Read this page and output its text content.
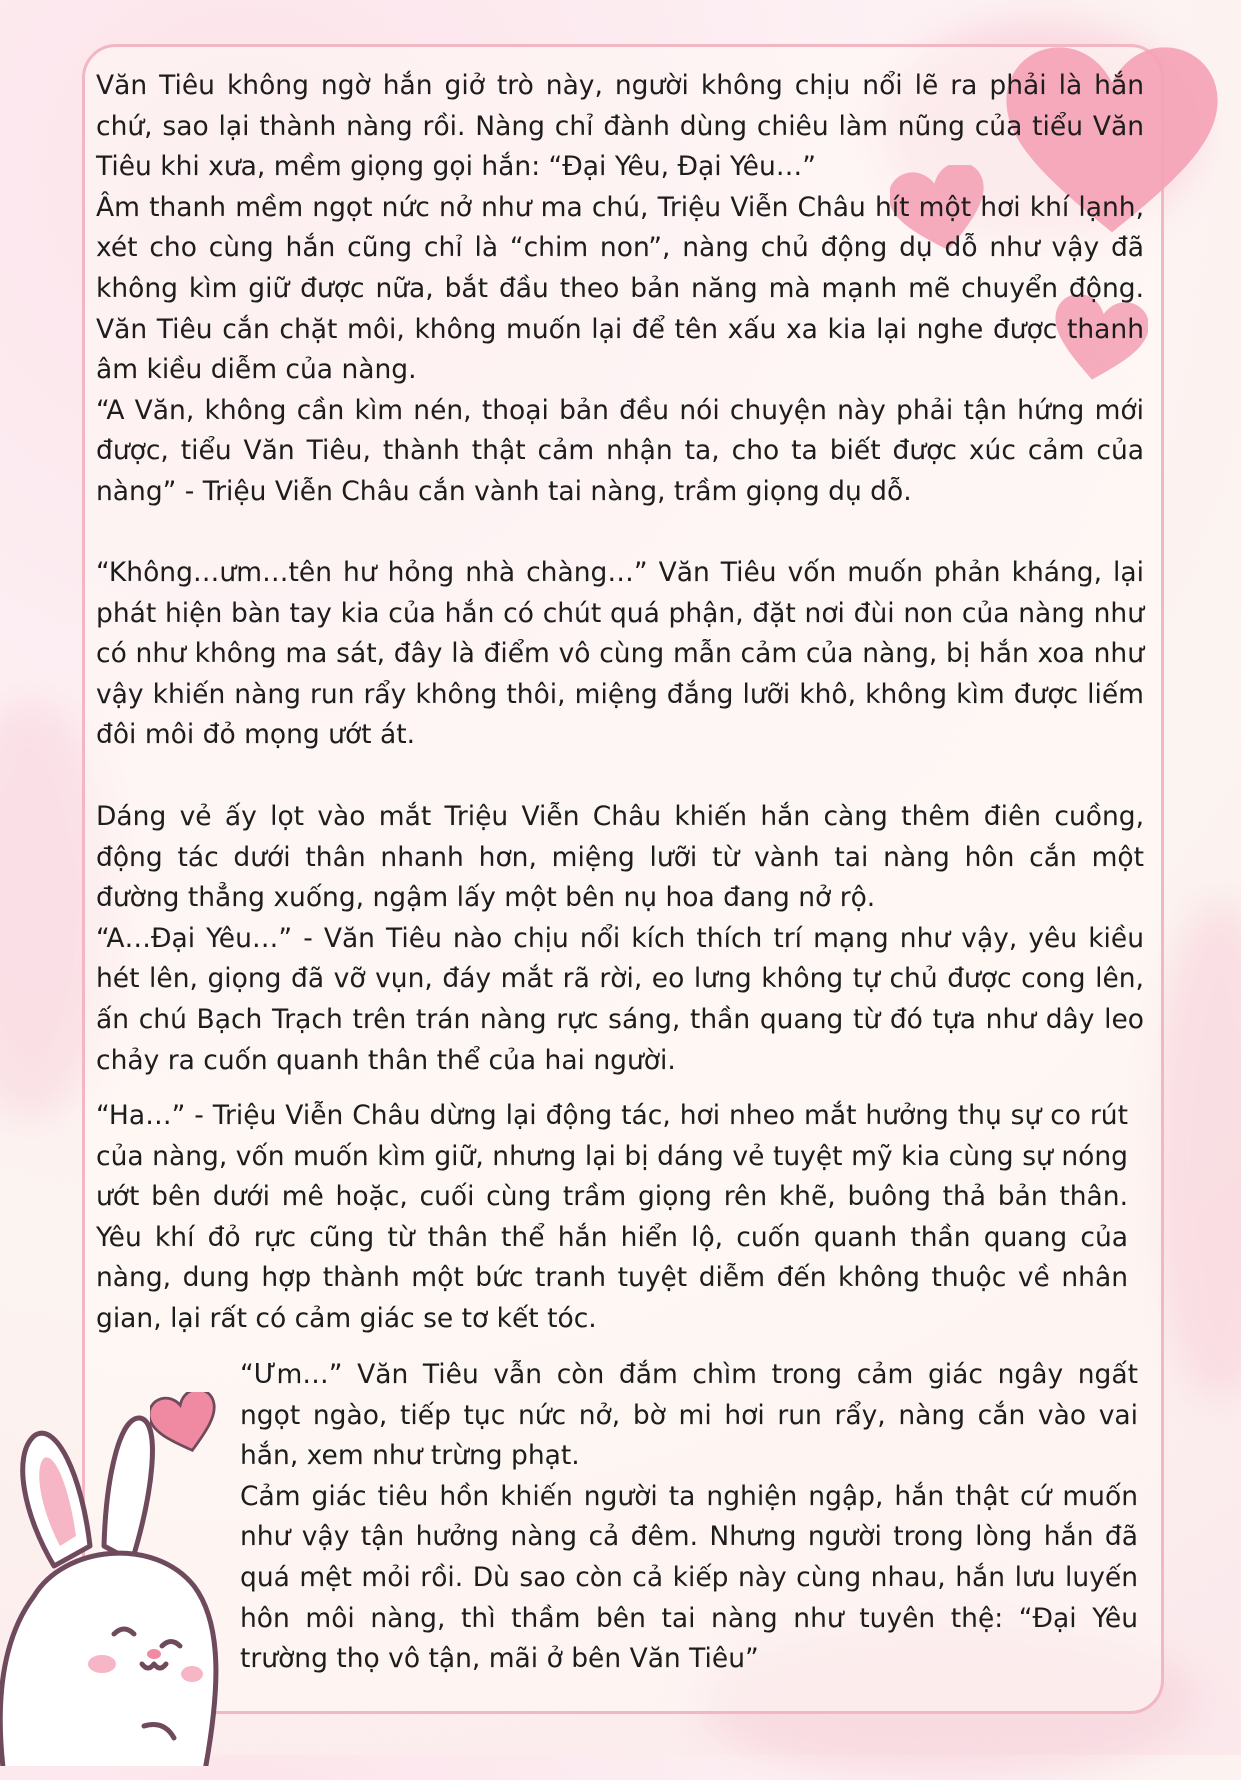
Văn Tiêu không ngờ hắn giở trò này, người không chịu nổi lẽ ra phải là hắn chứ, sao lại thành nàng rồi. Nàng chỉ đành dùng chiêu làm nũng của tiểu Văn Tiêu khi xưa, mềm giọng gọi hắn: “Đại Yêu, Đại Yêu…”

Âm thanh mềm ngọt nức nở như ma chú, Triệu Viễn Châu hít một hơi khí lạnh, xét cho cùng hắn cũng chỉ là “chim non”, nàng chủ động dụ dỗ như vậy đã không kìm giữ được nữa, bắt đầu theo bản năng mà mạnh mẽ chuyển động. Văn Tiêu cắn chặt môi, không muốn lại để tên xấu xa kia lại nghe được thanh âm kiều diễm của nàng.

“A Văn, không cần kìm nén, thoại bản đều nói chuyện này phải tận hứng mới được, tiểu Văn Tiêu, thành thật cảm nhận ta, cho ta biết được xúc cảm của nàng” - Triệu Viễn Châu cắn vành tai nàng, trầm giọng dụ dỗ.

“Không…ưm…tên hư hỏng nhà chàng…” Văn Tiêu vốn muốn phản kháng, lại phát hiện bàn tay kia của hắn có chút quá phận, đặt nơi đùi non của nàng như có như không ma sát, đây là điểm vô cùng mẫn cảm của nàng, bị hắn xoa như vậy khiến nàng run rẩy không thôi, miệng đắng lưỡi khô, không kìm được liếm đôi môi đỏ mọng ướt át.

Dáng vẻ ấy lọt vào mắt Triệu Viễn Châu khiến hắn càng thêm điên cuồng, động tác dưới thân nhanh hơn, miệng lưỡi từ vành tai nàng hôn cắn một đường thẳng xuống, ngậm lấy một bên nụ hoa đang nở rộ.

“A…Đại Yêu…” - Văn Tiêu nào chịu nổi kích thích trí mạng như vậy, yêu kiều hét lên, giọng đã vỡ vụn, đáy mắt rã rời, eo lưng không tự chủ được cong lên, ấn chú Bạch Trạch trên trán nàng rực sáng, thần quang từ đó tựa như dây leo chảy ra cuốn quanh thân thể của hai người.

“Ha…” - Triệu Viễn Châu dừng lại động tác, hơi nheo mắt hưởng thụ sự co rút của nàng, vốn muốn kìm giữ, nhưng lại bị dáng vẻ tuyệt mỹ kia cùng sự nóng ướt bên dưới mê hoặc, cuối cùng trầm giọng rên khẽ, buông thả bản thân. Yêu khí đỏ rực cũng từ thân thể hắn hiển lộ, cuốn quanh thần quang của nàng, dung hợp thành một bức tranh tuyệt diễm đến không thuộc về nhân gian, lại rất có cảm giác se tơ kết tóc.

“Ưm…” Văn Tiêu vẫn còn đắm chìm trong cảm giác ngây ngất ngọt ngào, tiếp tục nức nở, bờ mi hơi run rẩy, nàng cắn vào vai hắn, xem như trừng phạt.

Cảm giác tiêu hồn khiến người ta nghiện ngập, hắn thật cứ muốn như vậy tận hưởng nàng cả đêm. Nhưng người trong lòng hắn đã quá mệt mỏi rồi. Dù sao còn cả kiếp này cùng nhau, hắn lưu luyến hôn môi nàng, thì thầm bên tai nàng như tuyên thệ: “Đại Yêu trường thọ vô tận, mãi ở bên Văn Tiêu”
